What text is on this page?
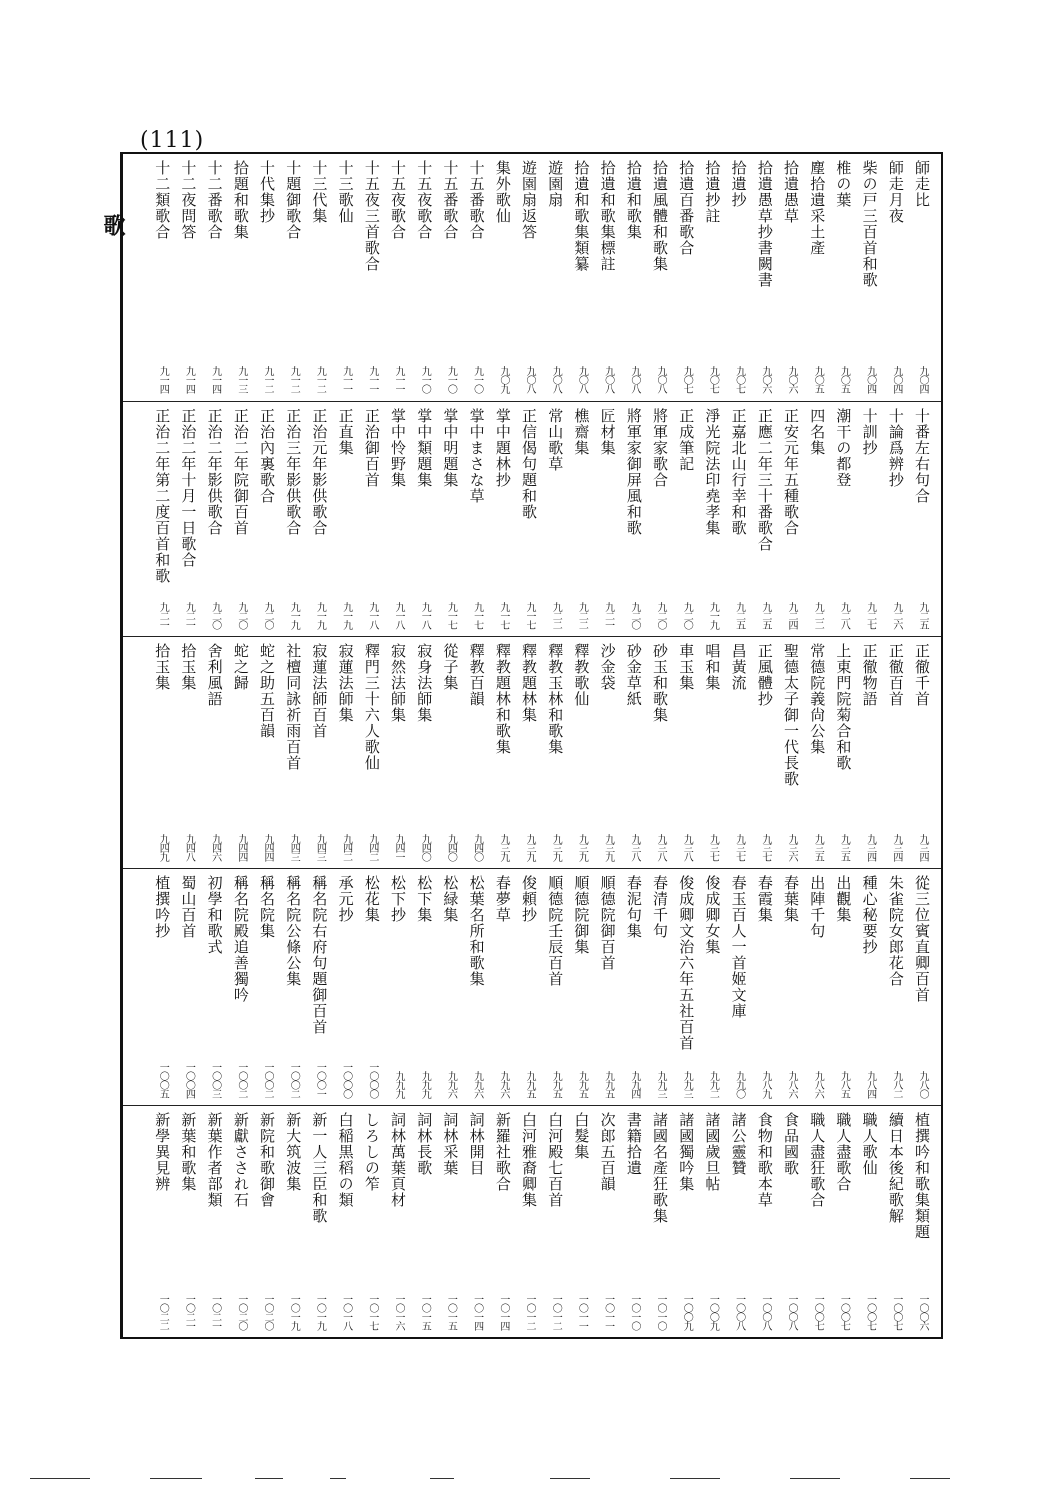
(111)
歌
師走比
九〇四
師走月夜
九〇四
柴の戸三百首和歌
九〇四
椎の葉
九〇五
塵拾遺采土產
九〇五
拾遺愚草
九〇六
拾遺愚草抄書闕書
九〇六
拾遺抄
九〇七
拾遺抄註
九〇七
拾遺百番歌合
九〇七
拾遺風體和歌集
九〇八
拾遺和歌集
九〇八
拾遺和歌集標註
九〇八
拾遺和歌集類纂
九〇八
遊園扇
九〇八
遊園扇返答
九〇八
集外歌仙
九〇九
十五番歌合
九一〇
十五番歌合
九一〇
十五夜歌合
九一〇
十五夜歌合
九一一
十五夜三首歌合
九一一
十三歌仙
九一一
十三代集
九一二
十題御歌合
九一二
十代集抄
九一二
拾題和歌集
九一三
十二番歌合
九一四
十二夜問答
九一四
十二類歌合
九一四
十番左右句合
九二五
十論爲辨抄
九二六
十訓抄
九二七
潮干の都登
九二八
四名集
九二二
正安元年五種歌合
九二四
正應二年三十番歌合
九二五
正嘉北山行幸和歌
九二五
淨光院法印堯孝集
九一九
正成筆記
九二〇
將軍家歌合
九二〇
將軍家御屏風和歌
九二〇
匠材集
九二一
樵齋集
九二二
常山歌草
九二二
正信偈句題和歌
九一七
掌中題林抄
九一七
掌中まさな草
九一七
掌中明題集
九一七
掌中類題集
九一八
掌中怜野集
九一八
正治御百首
九一八
正直集
九一九
正治元年影供歌合
九一九
正治三年影供歌合
九一九
正治內裏歌合
九二〇
正治二年院御百首
九二〇
正治二年影供歌合
九二〇
正治二年十月一日歌合
九二一
正治二年第二度百首和歌
九二一
正徹千首
九三四
正徹百首
九三四
正徹物語
九三四
上東門院菊合和歌
九三五
常德院義尙公集
九三五
聖德太子御一代長歌
九三六
正風體抄
九三七
昌黃流
九三七
唱和集
九三七
車玉集
九三八
砂玉和歌集
九三八
砂金草紙
九三八
沙金袋
九三九
釋教歌仙
九三九
釋教玉林和歌集
九三九
釋教題林集
九三九
釋教題林和歌集
九三九
釋教百韻
九四〇
從子集
九四〇
寂身法師集
九四〇
寂然法師集
九四一
釋門三十六人歌仙
九四二
寂蓮法師集
九四二
寂蓮法師百首
九四三
社檀同詠祈雨百首
九四三
蛇之助五百韻
九四四
蛇之歸
九四四
舍利風語
九四六
拾玉集
九四八
拾玉集
九四九
從三位賓直卿百首
九八〇
朱雀院女郎花合
九八二
種心秘要抄
九八四
出觀集
九八五
出陣千句
九八六
春葉集
九八六
春霞集
九八九
春玉百人一首姬文庫
九九〇
俊成卿女集
九九二
俊成卿文治六年五社百首
九九三
春清千句
九九三
春泥句集
九九四
順德院御百首
九九五
順德院御集
九九五
順德院壬辰百首
九九五
俊頼抄
九九五
春夢草
九九六
松葉名所和歌集
九九六
松緑集
九九六
松下集
九九九
松下抄
九九九
松花集
一〇〇〇
承元抄
一〇〇〇
稱名院右府句題御百首
一〇〇一
稱名院公條公集
一〇〇二
稱名院集
一〇〇二
稱名院殿追善獨吟
一〇〇二
初學和歌式
一〇〇三
蜀山百首
一〇〇四
植撰吟抄
一〇〇五
植撰吟和歌集類題
一〇〇六
續日本後紀歌解
一〇〇七
職人歌仙
一〇〇七
職人盡歌合
一〇〇七
職人盡狂歌合
一〇〇七
食品國歌
一〇〇八
食物和歌本草
一〇〇八
諸公靈贊
一〇〇八
諸國歲旦帖
一〇〇九
諸國獨吟集
一〇〇九
諸國名產狂歌集
一〇一〇
書籍拾遺
一〇一〇
次郎五百韻
一〇一一
白髮集
一〇一一
白河殿七百首
一〇一二
白河雅裔卿集
一〇一二
新羅社歌合
一〇一四
詞林開目
一〇一四
詞林采葉
一〇一五
詞林長歌
一〇一五
詞林萬葉頁材
一〇一六
しろしの笮
一〇一七
白稲黒稻の類
一〇一八
新一人三臣和歌
一〇一九
新大筑波集
一〇一九
新院和歌御會
一〇二〇
新獻さされ石
一〇二〇
新葉作者部類
一〇二一
新葉和歌集
一〇二一
新學異見辨
一〇二二
